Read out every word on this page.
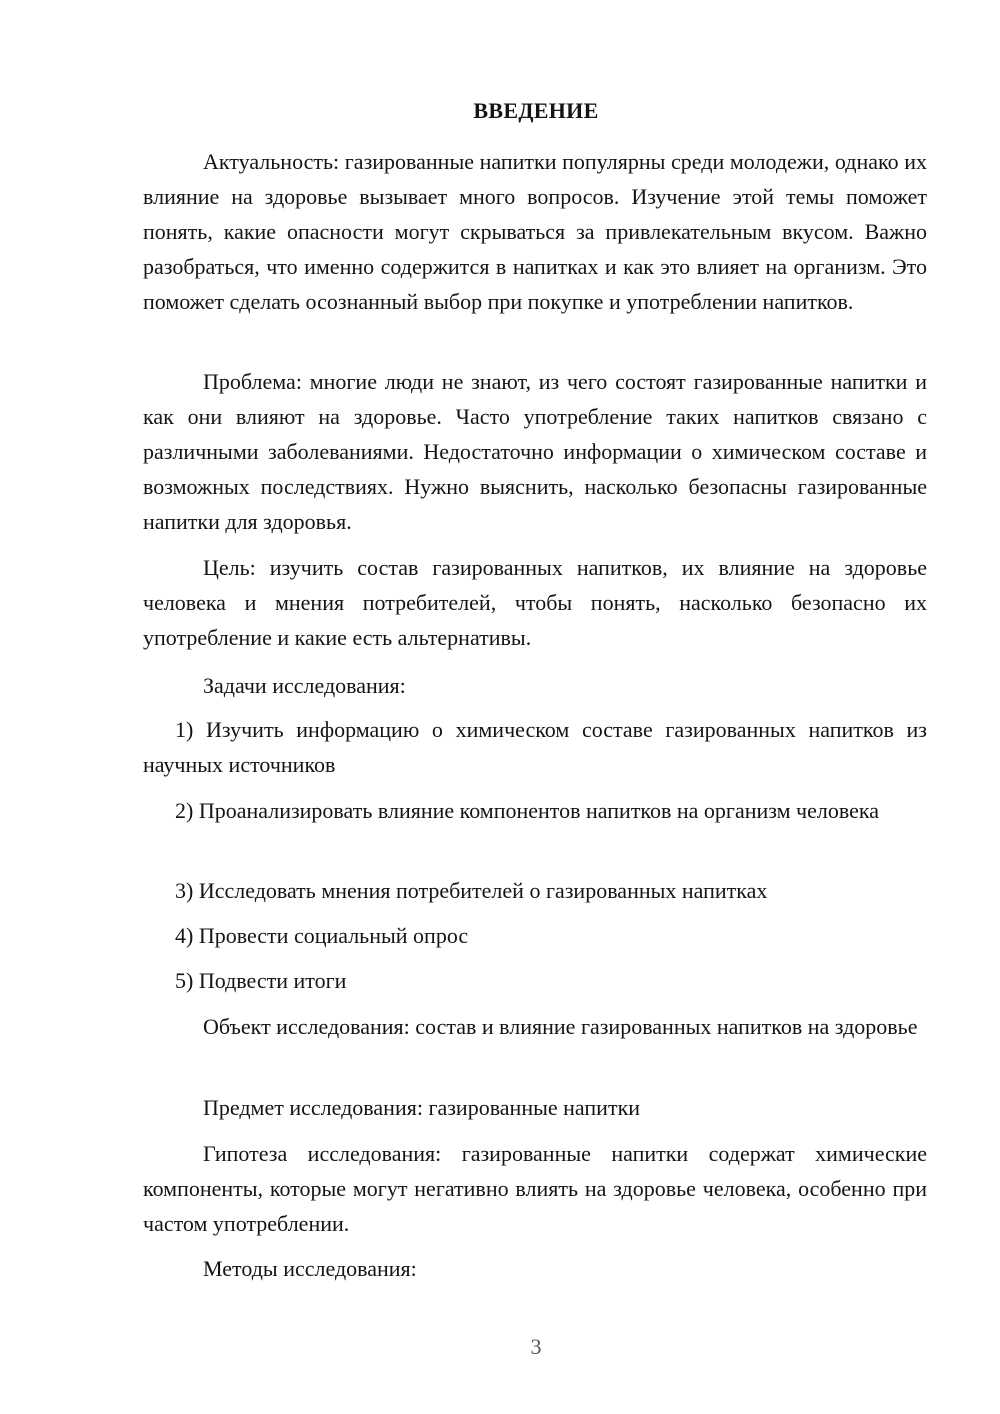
ВВЕДЕНИЕ

Актуальность: газированные напитки популярны среди молодежи, однако их влияние на здоровье вызывает много вопросов. Изучение этой темы поможет понять, какие опасности могут скрываться за привлекательным вкусом. Важно разобраться, что именно содержится в напитках и как это влияет на организм. Это поможет сделать осознанный выбор при покупке и употреблении напитков.

Проблема: многие люди не знают, из чего состоят газированные напитки и как они влияют на здоровье. Часто употребление таких напитков связано с различными заболеваниями. Недостаточно информации о химическом составе и возможных последствиях. Нужно выяснить, насколько безопасны газированные напитки для здоровья.

Цель: изучить состав газированных напитков, их влияние на здоровье человека и мнения потребителей, чтобы понять, насколько безопасно их употребление и какие есть альтернативы.

Задачи исследования:

1) Изучить информацию о химическом составе газированных напитков из научных источников

2) Проанализировать влияние компонентов напитков на организм человека

3) Исследовать мнения потребителей о газированных напитках

4) Провести социальный опрос

5) Подвести итоги

Объект исследования: состав и влияние газированных напитков на здоровье

Предмет исследования: газированные напитки

Гипотеза исследования: газированные напитки содержат химические компоненты, которые могут негативно влиять на здоровье человека, особенно при частом употреблении.

Методы исследования:

3
